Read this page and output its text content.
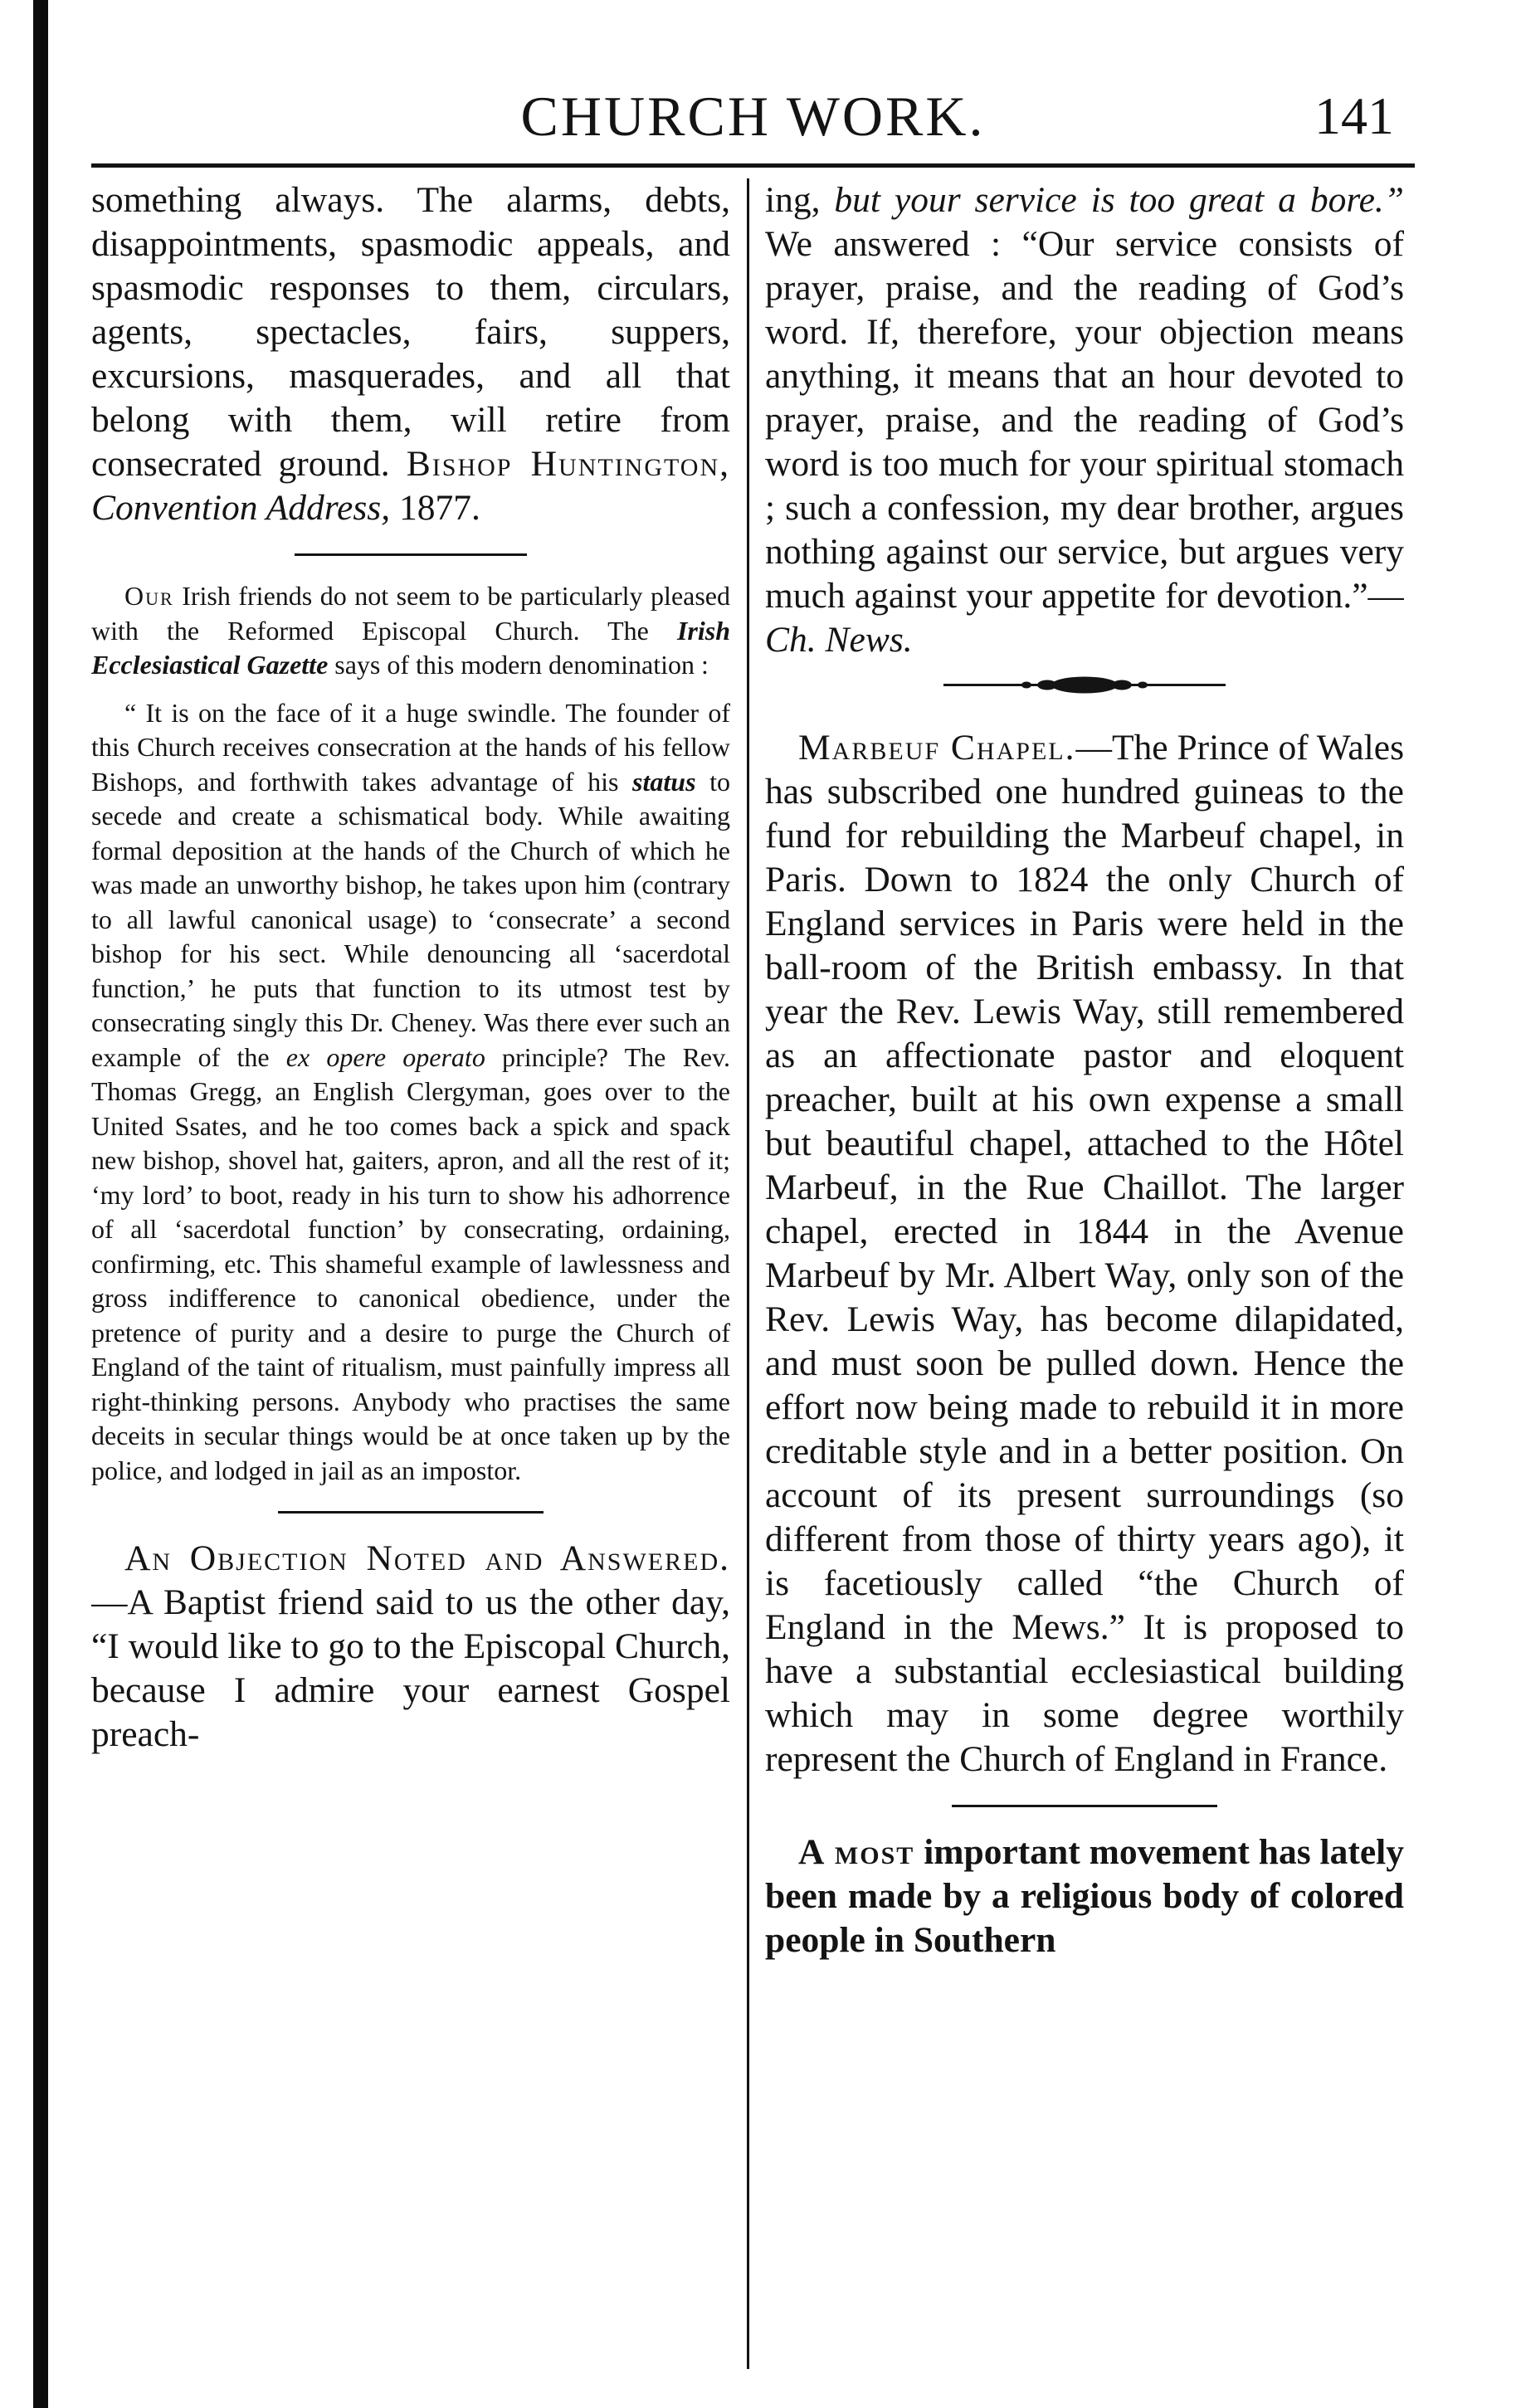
CHURCH WORK.	141

something always. The alarms, debts, disappointments, spasmodic appeals, and spasmodic responses to them, circulars, agents, spectacles, fairs, suppers, excursions, masquerades, and all that belong with them, will retire from consecrated ground. Bishop Huntington, Convention Address, 1877.

Our Irish friends do not seem to be particularly pleased with the Reformed Episcopal Church. The Irish Ecclesiastical Gazette says of this modern denomination :

“ It is on the face of it a huge swindle. The founder of this Church receives consecration at the hands of his fellow Bishops, and forthwith takes advantage of his status to secede and create a schismatical body. While awaiting formal deposition at the hands of the Church of which he was made an unworthy bishop, he takes upon him (contrary to all lawful canonical usage) to ‘consecrate’ a second bishop for his sect. While denouncing all ‘sacerdotal function,’ he puts that function to its utmost test by consecrating singly this Dr. Cheney. Was there ever such an example of the ex opere operato principle? The Rev. Thomas Gregg, an English Clergyman, goes over to the United Ssates, and he too comes back a spick and spack new bishop, shovel hat, gaiters, apron, and all the rest of it; ‘my lord’ to boot, ready in his turn to show his adhorrence of all ‘sacerdotal function’ by consecrating, ordaining, confirming, etc. This shameful example of lawlessness and gross indifference to canonical obedience, under the pretence of purity and a desire to purge the Church of England of the taint of ritualism, must painfully impress all right-thinking persons. Anybody who practises the same deceits in secular things would be at once taken up by the police, and lodged in jail as an impostor.

An Objection Noted and Answered.—A Baptist friend said to us the other day, “I would like to go to the Episcopal Church, because I admire your earnest Gospel preach-

ing, but your service is too great a bore.” We answered : “Our service consists of prayer, praise, and the reading of God’s word. If, therefore, your objection means anything, it means that an hour devoted to prayer, praise, and the reading of God’s word is too much for your spiritual stomach ; such a confession, my dear brother, argues nothing against our service, but argues very much against your appetite for devotion.”—Ch. News.

Marbeuf Chapel.—The Prince of Wales has subscribed one hundred guineas to the fund for rebuilding the Marbeuf chapel, in Paris. Down to 1824 the only Church of England services in Paris were held in the ball-room of the British embassy. In that year the Rev. Lewis Way, still remembered as an affectionate pastor and eloquent preacher, built at his own expense a small but beautiful chapel, attached to the Hôtel Marbeuf, in the Rue Chaillot. The larger chapel, erected in 1844 in the Avenue Marbeuf by Mr. Albert Way, only son of the Rev. Lewis Way, has become dilapidated, and must soon be pulled down. Hence the effort now being made to rebuild it in more creditable style and in a better position. On account of its present surroundings (so different from those of thirty years ago), it is facetiously called “the Church of England in the Mews.” It is proposed to have a substantial ecclesiastical building which may in some degree worthily represent the Church of England in France.

A most important movement has lately been made by a religious body of colored people in Southern
